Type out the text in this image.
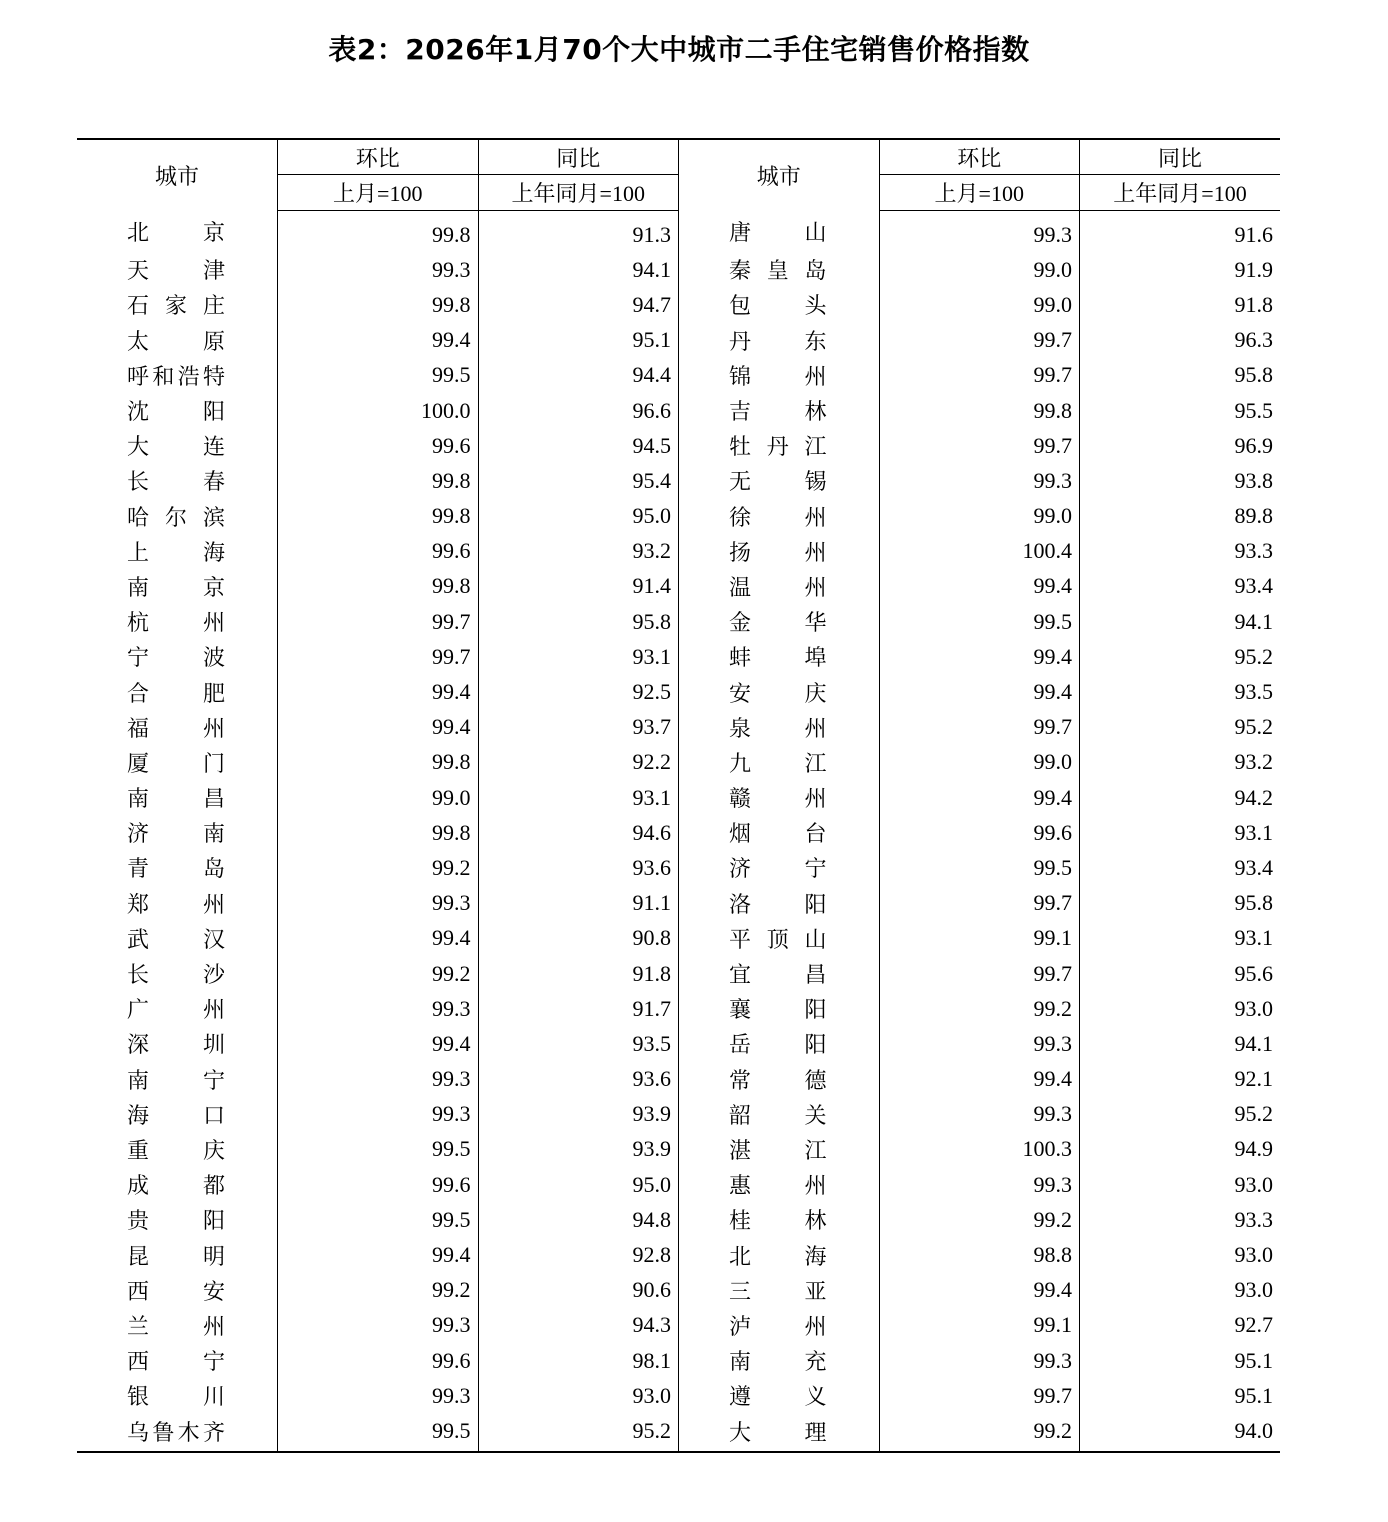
表2：2026年1月70个大中城市二手住宅销售价格指数
城市	环比	同比	城市	环比	同比
	上月=100	上年同月=100		上月=100	上年同月=100

北京	99.8	91.3	唐山	99.3	91.6

天津	99.3	94.1	秦皇岛	99.0	91.9

石家庄	99.8	94.7	包头	99.0	91.8

太原	99.4	95.1	丹东	99.7	96.3

呼和浩特	99.5	94.4	锦州	99.7	95.8

沈阳	100.0	96.6	吉林	99.8	95.5

大连	99.6	94.5	牡丹江	99.7	96.9

长春	99.8	95.4	无锡	99.3	93.8

哈尔滨	99.8	95.0	徐州	99.0	89.8

上海	99.6	93.2	扬州	100.4	93.3

南京	99.8	91.4	温州	99.4	93.4

杭州	99.7	95.8	金华	99.5	94.1

宁波	99.7	93.1	蚌埠	99.4	95.2

合肥	99.4	92.5	安庆	99.4	93.5

福州	99.4	93.7	泉州	99.7	95.2

厦门	99.8	92.2	九江	99.0	93.2

南昌	99.0	93.1	赣州	99.4	94.2

济南	99.8	94.6	烟台	99.6	93.1

青岛	99.2	93.6	济宁	99.5	93.4

郑州	99.3	91.1	洛阳	99.7	95.8

武汉	99.4	90.8	平顶山	99.1	93.1

长沙	99.2	91.8	宜昌	99.7	95.6

广州	99.3	91.7	襄阳	99.2	93.0

深圳	99.4	93.5	岳阳	99.3	94.1

南宁	99.3	93.6	常德	99.4	92.1

海口	99.3	93.9	韶关	99.3	95.2

重庆	99.5	93.9	湛江	100.3	94.9

成都	99.6	95.0	惠州	99.3	93.0

贵阳	99.5	94.8	桂林	99.2	93.3

昆明	99.4	92.8	北海	98.8	93.0

西安	99.2	90.6	三亚	99.4	93.0

兰州	99.3	94.3	泸州	99.1	92.7

西宁	99.6	98.1	南充	99.3	95.1

银川	99.3	93.0	遵义	99.7	95.1

乌鲁木齐	99.5	95.2	大理	99.2	94.0
